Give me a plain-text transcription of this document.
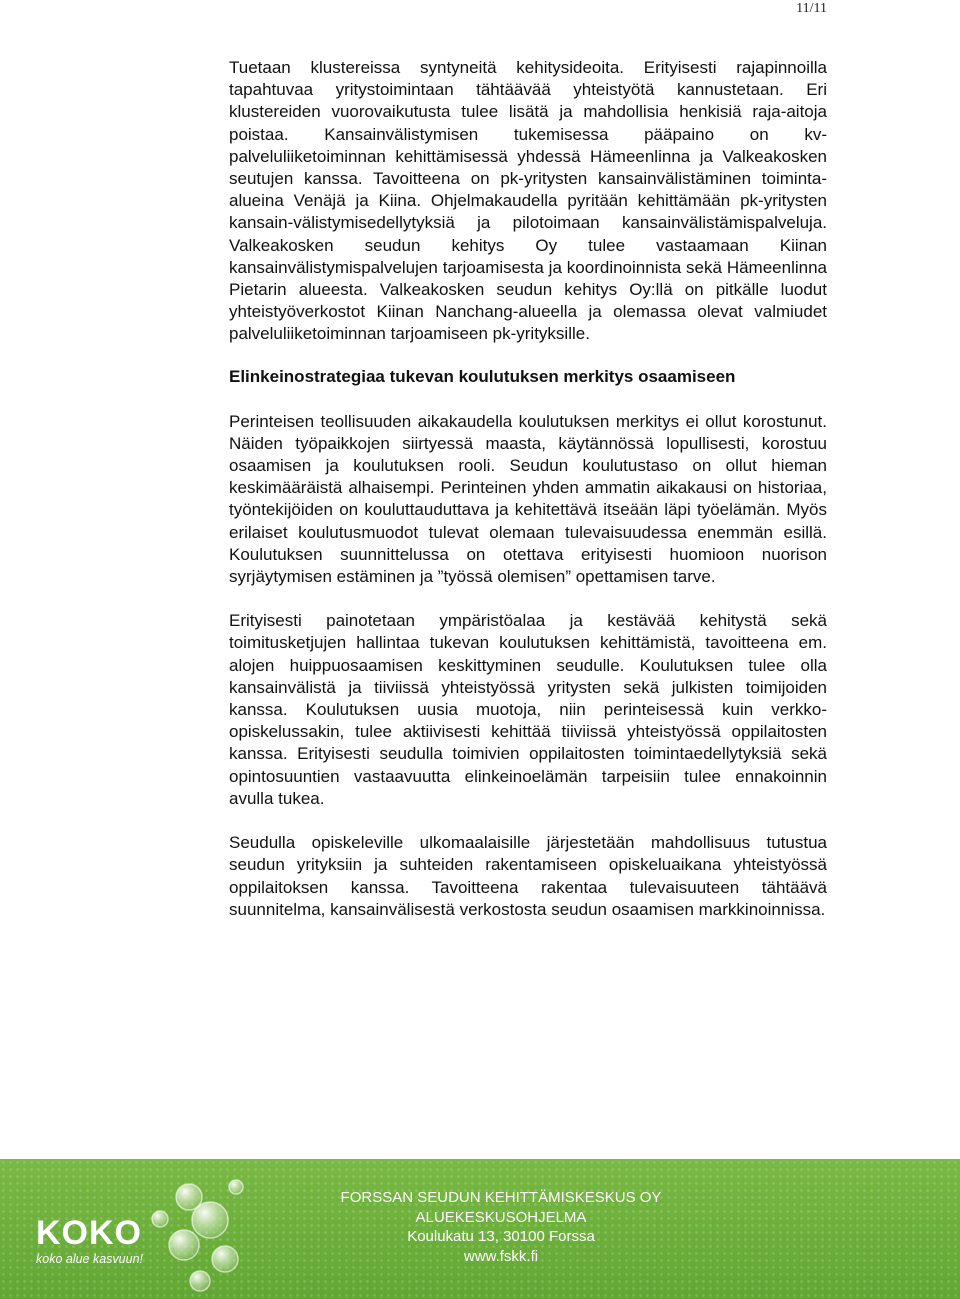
11/11

Tuetaan klustereissa syntyneitä kehitysideoita. Erityisesti rajapinnoilla tapahtuvaa yritystoimintaan tähtäävää yhteistyötä kannustetaan. Eri klustereiden vuorovaikutusta tulee lisätä ja mahdollisia henkisiä raja-aitoja poistaa. Kansainvälistymisen tukemisessa pääpaino on kv-palveluliiketoiminnan kehittämisessä yhdessä Hämeenlinna ja Valkeakosken seutujen kanssa. Tavoitteena on pk-yritysten kansainvälistäminen toiminta-alueina Venäjä ja Kiina. Ohjelmakaudella pyritään kehittämään pk-yritysten kansain-välistymisedellytyksiä ja pilotoimaan kansainvälistämispalveluja. Valkeakosken seudun kehitys Oy tulee vastaamaan Kiinan kansainvälistymispalvelujen tarjoamisesta ja koordinoinnista sekä Hämeenlinna Pietarin alueesta. Valkeakosken seudun kehitys Oy:llä on pitkälle luodut yhteistyöverkostot Kiinan Nanchang-alueella ja olemassa olevat valmiudet palveluliiketoiminnan tarjoamiseen pk-yrityksille.

Elinkeinostrategiaa tukevan koulutuksen merkitys osaamiseen

Perinteisen teollisuuden aikakaudella koulutuksen merkitys ei ollut korostunut. Näiden työpaikkojen siirtyessä maasta, käytännössä lopullisesti, korostuu osaamisen ja koulutuksen rooli. Seudun koulutustaso on ollut hieman keskimääräistä alhaisempi. Perinteinen yhden ammatin aikakausi on historiaa, työntekijöiden on kouluttauduttava ja kehitettävä itseään läpi työelämän. Myös erilaiset koulutusmuodot tulevat olemaan tulevaisuudessa enemmän esillä. Koulutuksen suunnittelussa on otettava erityisesti huomioon nuorison syrjäytymisen estäminen ja ”työssä olemisen” opettamisen tarve.

Erityisesti painotetaan ympäristöalaa ja kestävää kehitystä sekä toimitusketjujen hallintaa tukevan koulutuksen kehittämistä, tavoitteena em. alojen huippuosaamisen keskittyminen seudulle. Koulutuksen tulee olla kansainvälistä ja tiiviissä yhteistyössä yritysten sekä julkisten toimijoiden kanssa. Koulutuksen uusia muotoja, niin perinteisessä kuin verkko-opiskelussakin, tulee aktiivisesti kehittää tiiviissä yhteistyössä oppilaitosten kanssa. Erityisesti seudulla toimivien oppilaitosten toimintaedellytyksiä sekä opintosuuntien vastaavuutta elinkeinoelämän tarpeisiin tulee ennakoinnin avulla tukea.

Seudulla opiskeleville ulkomaalaisille järjestetään mahdollisuus tutustua seudun yrityksiin ja suhteiden rakentamiseen opiskeluaikana yhteistyössä oppilaitoksen kanssa. Tavoitteena rakentaa tulevaisuuteen tähtäävä suunnitelma, kansainvälisestä verkostosta seudun osaamisen markkinoinnissa.

KOKO
koko alue kasvuun!
FORSSAN SEUDUN KEHITTÄMISKESKUS OY
ALUEKESKUSOHJELMA
Koulukatu 13, 30100 Forssa
www.fskk.fi
